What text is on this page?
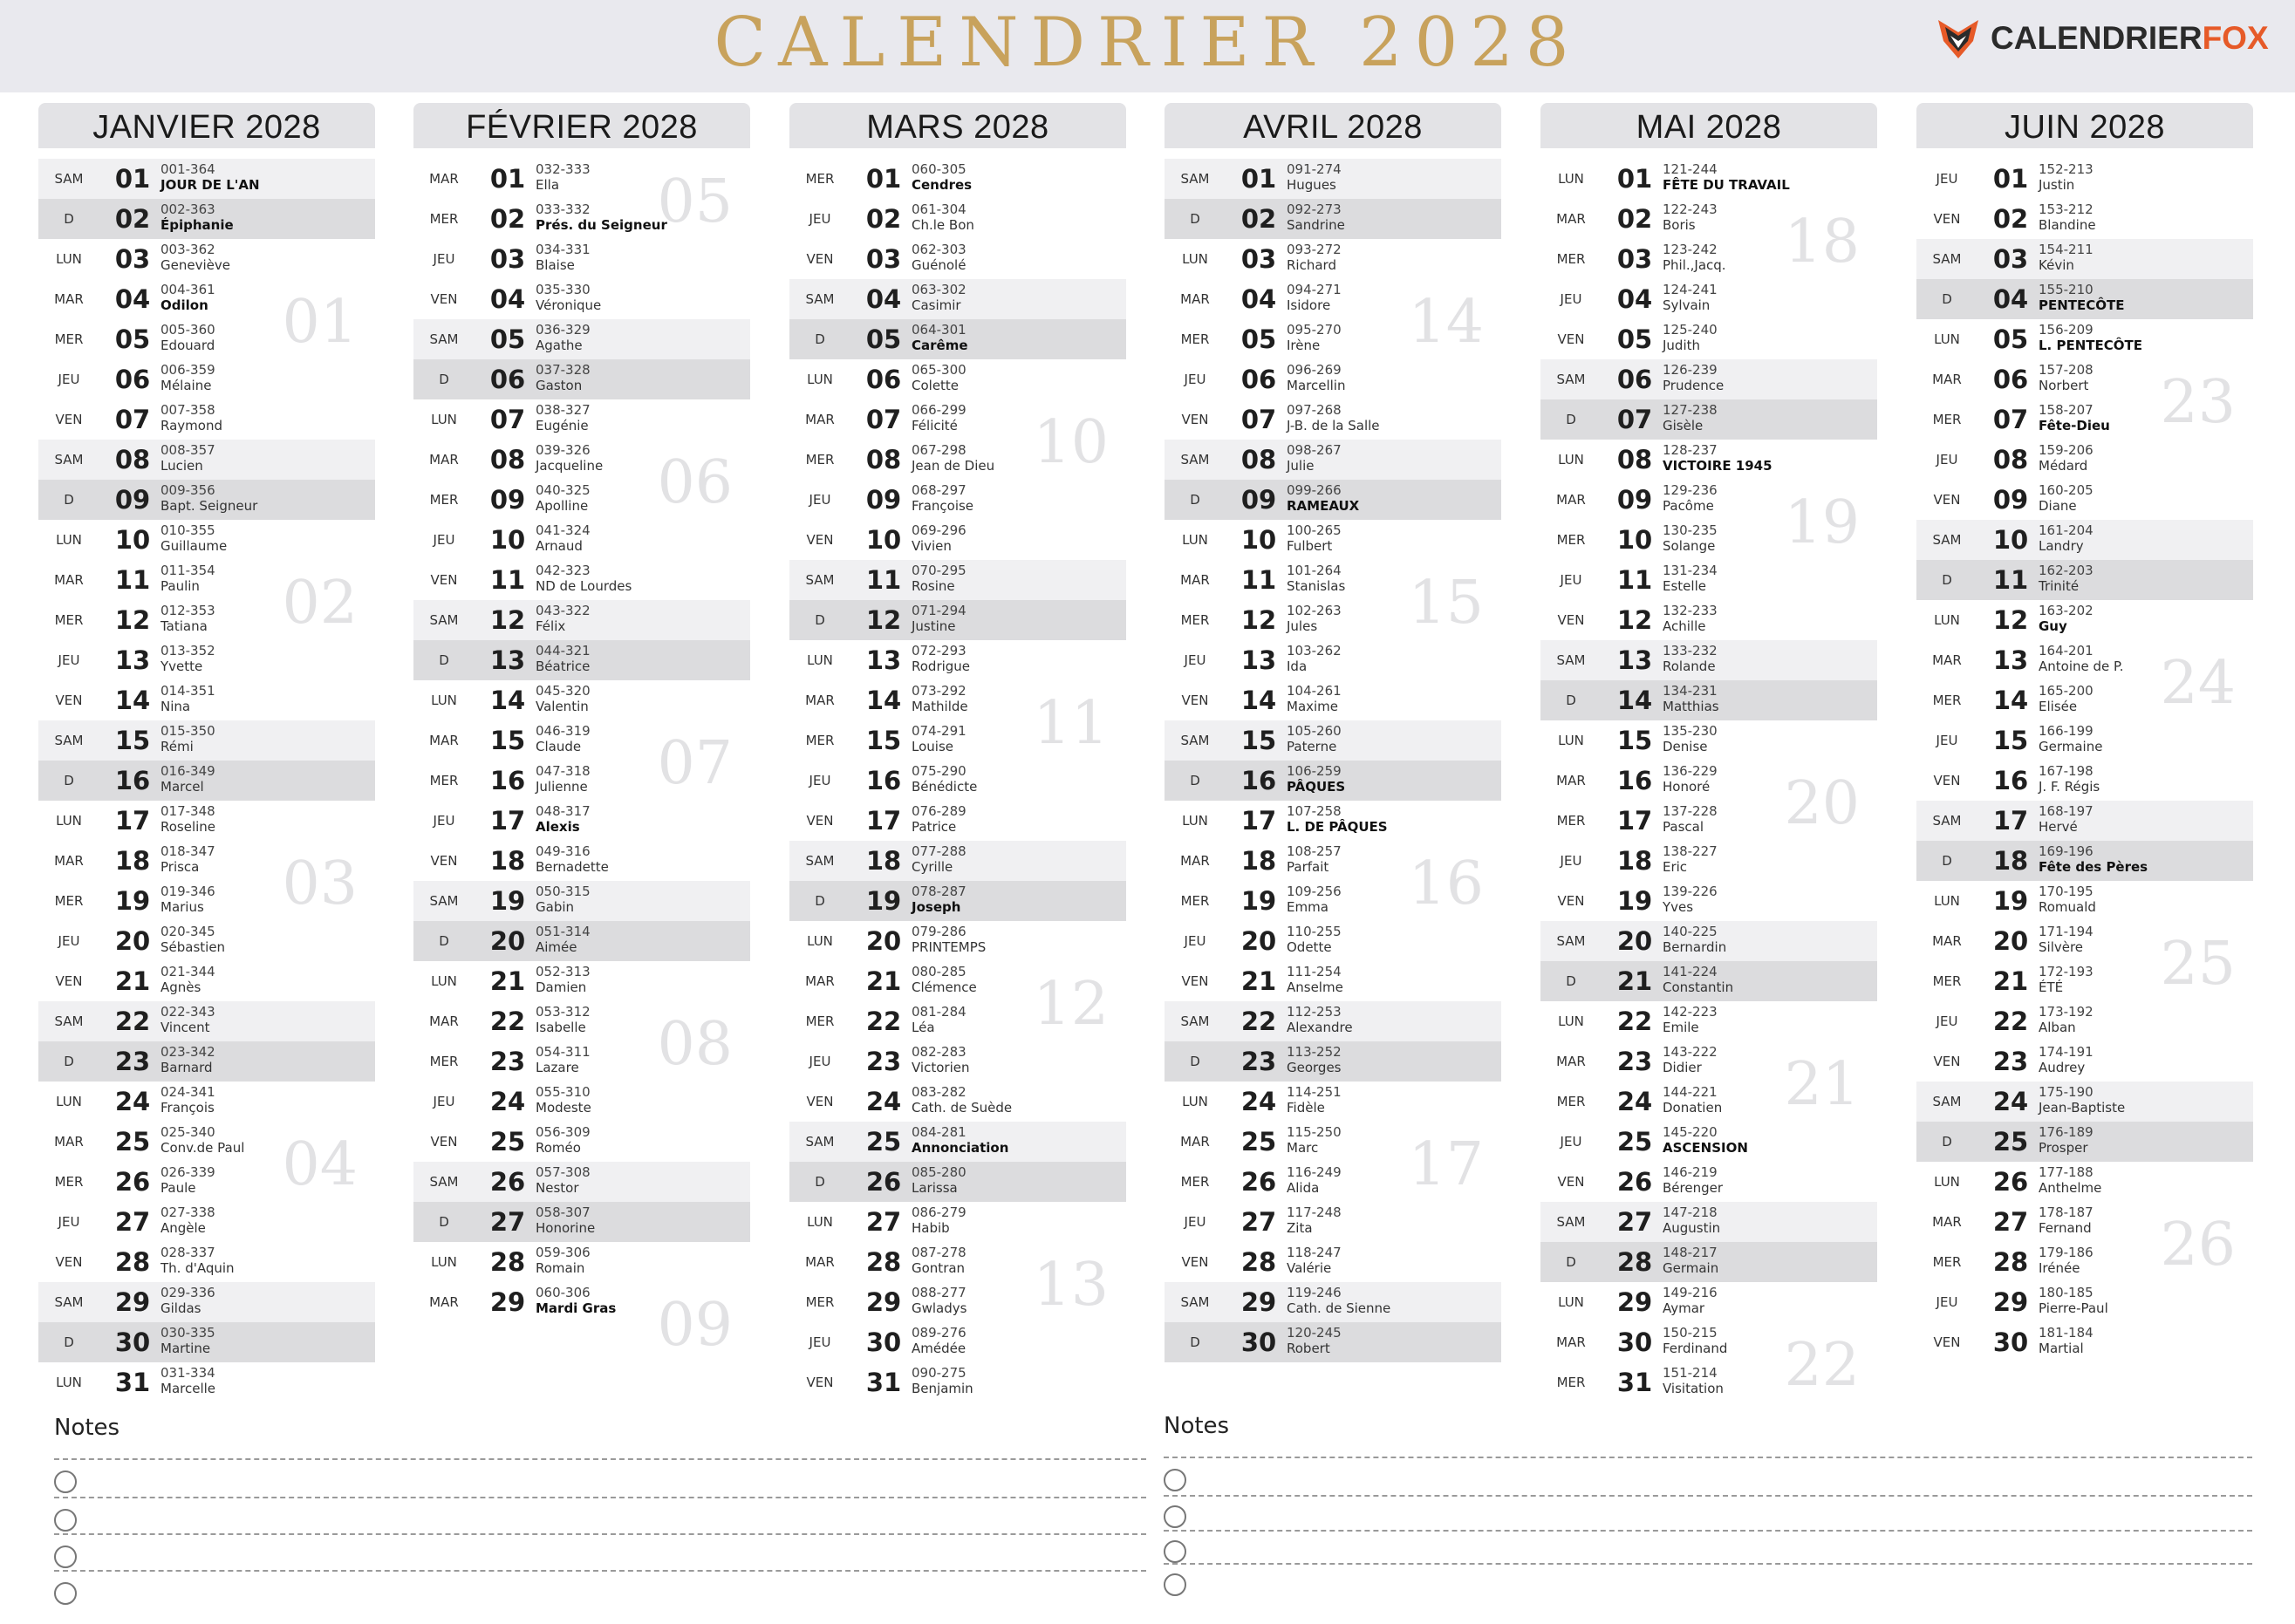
CALENDRIER 2028	CALENDRIERFOX
JANVIER 2028
SAM	01 001-364
JOUR DE L'AN
D	02 002-363
Épiphanie
LUN	03 003-362
Geneviève
MAR	04 004-361
Odilon
MER	05 005-360
Edouard
JEU	06 006-359
Mélaine
VEN	07 007-358
Raymond
SAM	08 008-357
Lucien
D	09 009-356
Bapt. Seigneur
LUN	10 010-355
Guillaume
MAR	11 011-354
Paulin
MER	12 012-353
Tatiana
JEU	13 013-352
Yvette
VEN	14 014-351
Nina
SAM	15 015-350
Rémi
D	16 016-349
Marcel
LUN	17 017-348
Roseline
MAR	18 018-347
Prisca
MER	19 019-346
Marius
JEU	20 020-345
Sébastien
VEN	21 021-344
Agnès
SAM	22 022-343
Vincent
D	23 023-342
Barnard
LUN	24 024-341
François
MAR	25 025-340
Conv.de Paul
MER	26 026-339
Paule
JEU	27 027-338
Angèle
VEN	28 028-337
Th. d'Aquin
SAM	29 029-336
Gildas
D	30 030-335
Martine
LUN	31 031-334
Marcelle
01
02
03
04
FÉVRIER 2028
MAR	01 032-333
Ella
MER	02 033-332
Prés. du Seigneur
JEU	03 034-331
Blaise
VEN	04 035-330
Véronique
SAM	05 036-329
Agathe
D	06 037-328
Gaston
LUN	07 038-327
Eugénie
MAR	08 039-326
Jacqueline
MER	09 040-325
Apolline
JEU	10 041-324
Arnaud
VEN	11 042-323
ND de Lourdes
SAM	12 043-322
Félix
D	13 044-321
Béatrice
LUN	14 045-320
Valentin
MAR	15 046-319
Claude
MER	16 047-318
Julienne
JEU	17 048-317
Alexis
VEN	18 049-316
Bernadette
SAM	19 050-315
Gabin
D	20 051-314
Aimée
LUN	21 052-313
Damien
MAR	22 053-312
Isabelle
MER	23 054-311
Lazare
JEU	24 055-310
Modeste
VEN	25 056-309
Roméo
SAM	26 057-308
Nestor
D	27 058-307
Honorine
LUN	28 059-306
Romain
MAR	29 060-306
Mardi Gras
05
06
07
08
09
MARS 2028
MER	01 060-305
Cendres
JEU	02 061-304
Ch.le Bon
VEN	03 062-303
Guénolé
SAM	04 063-302
Casimir
D	05 064-301
Carême
LUN	06 065-300
Colette
MAR	07 066-299
Félicité
MER	08 067-298
Jean de Dieu
JEU	09 068-297
Françoise
VEN	10 069-296
Vivien
SAM	11 070-295
Rosine
D	12 071-294
Justine
LUN	13 072-293
Rodrigue
MAR	14 073-292
Mathilde
MER	15 074-291
Louise
JEU	16 075-290
Bénédicte
VEN	17 076-289
Patrice
SAM	18 077-288
Cyrille
D	19 078-287
Joseph
LUN	20 079-286
PRINTEMPS
MAR	21 080-285
Clémence
MER	22 081-284
Léa
JEU	23 082-283
Victorien
VEN	24 083-282
Cath. de Suède
SAM	25 084-281
Annonciation
D	26 085-280
Larissa
LUN	27 086-279
Habib
MAR	28 087-278
Gontran
MER	29 088-277
Gwladys
JEU	30 089-276
Amédée
VEN	31 090-275
Benjamin
10
11
12
13
AVRIL 2028
SAM	01 091-274
Hugues
D	02 092-273
Sandrine
LUN	03 093-272
Richard
MAR	04 094-271
Isidore
MER	05 095-270
Irène
JEU	06 096-269
Marcellin
VEN	07 097-268
J-B. de la Salle
SAM	08 098-267
Julie
D	09 099-266
RAMEAUX
LUN	10 100-265
Fulbert
MAR	11 101-264
Stanislas
MER	12 102-263
Jules
JEU	13 103-262
Ida
VEN	14 104-261
Maxime
SAM	15 105-260
Paterne
D	16 106-259
PÂQUES
LUN	17 107-258
L. DE PÂQUES
MAR	18 108-257
Parfait
MER	19 109-256
Emma
JEU	20 110-255
Odette
VEN	21 111-254
Anselme
SAM	22 112-253
Alexandre
D	23 113-252
Georges
LUN	24 114-251
Fidèle
MAR	25 115-250
Marc
MER	26 116-249
Alida
JEU	27 117-248
Zita
VEN	28 118-247
Valérie
SAM	29 119-246
Cath. de Sienne
D	30 120-245
Robert
14
15
16
17
MAI 2028
LUN	01 121-244
FÊTE DU TRAVAIL
MAR	02 122-243
Boris
MER	03 123-242
Phil.,Jacq.
JEU	04 124-241
Sylvain
VEN	05 125-240
Judith
SAM	06 126-239
Prudence
D	07 127-238
Gisèle
LUN	08 128-237
VICTOIRE 1945
MAR	09 129-236
Pacôme
MER	10 130-235
Solange
JEU	11 131-234
Estelle
VEN	12 132-233
Achille
SAM	13 133-232
Rolande
D	14 134-231
Matthias
LUN	15 135-230
Denise
MAR	16 136-229
Honoré
MER	17 137-228
Pascal
JEU	18 138-227
Eric
VEN	19 139-226
Yves
SAM	20 140-225
Bernardin
D	21 141-224
Constantin
LUN	22 142-223
Emile
MAR	23 143-222
Didier
MER	24 144-221
Donatien
JEU	25 145-220
ASCENSION
VEN	26 146-219
Bérenger
SAM	27 147-218
Augustin
D	28 148-217
Germain
LUN	29 149-216
Aymar
MAR	30 150-215
Ferdinand
MER	31 151-214
Visitation
18
19
20
21
22
JUIN 2028
JEU	01 152-213
Justin
VEN	02 153-212
Blandine
SAM	03 154-211
Kévin
D	04 155-210
PENTECÔTE
LUN	05 156-209
L. PENTECÔTE
MAR	06 157-208
Norbert
MER	07 158-207
Fête-Dieu
JEU	08 159-206
Médard
VEN	09 160-205
Diane
SAM	10 161-204
Landry
D	11 162-203
Trinité
LUN	12 163-202
Guy
MAR	13 164-201
Antoine de P.
MER	14 165-200
Elisée
JEU	15 166-199
Germaine
VEN	16 167-198
J. F. Régis
SAM	17 168-197
Hervé
D	18 169-196
Fête des Pères
LUN	19 170-195
Romuald
MAR	20 171-194
Silvère
MER	21 172-193
ÉTÉ
JEU	22 173-192
Alban
VEN	23 174-191
Audrey
SAM	24 175-190
Jean-Baptiste
D	25 176-189
Prosper
LUN	26 177-188
Anthelme
MAR	27 178-187
Fernand
MER	28 179-186
Irénée
JEU	29 180-185
Pierre-Paul
VEN	30 181-184
Martial
23
24
25
26
Notes	Notes
